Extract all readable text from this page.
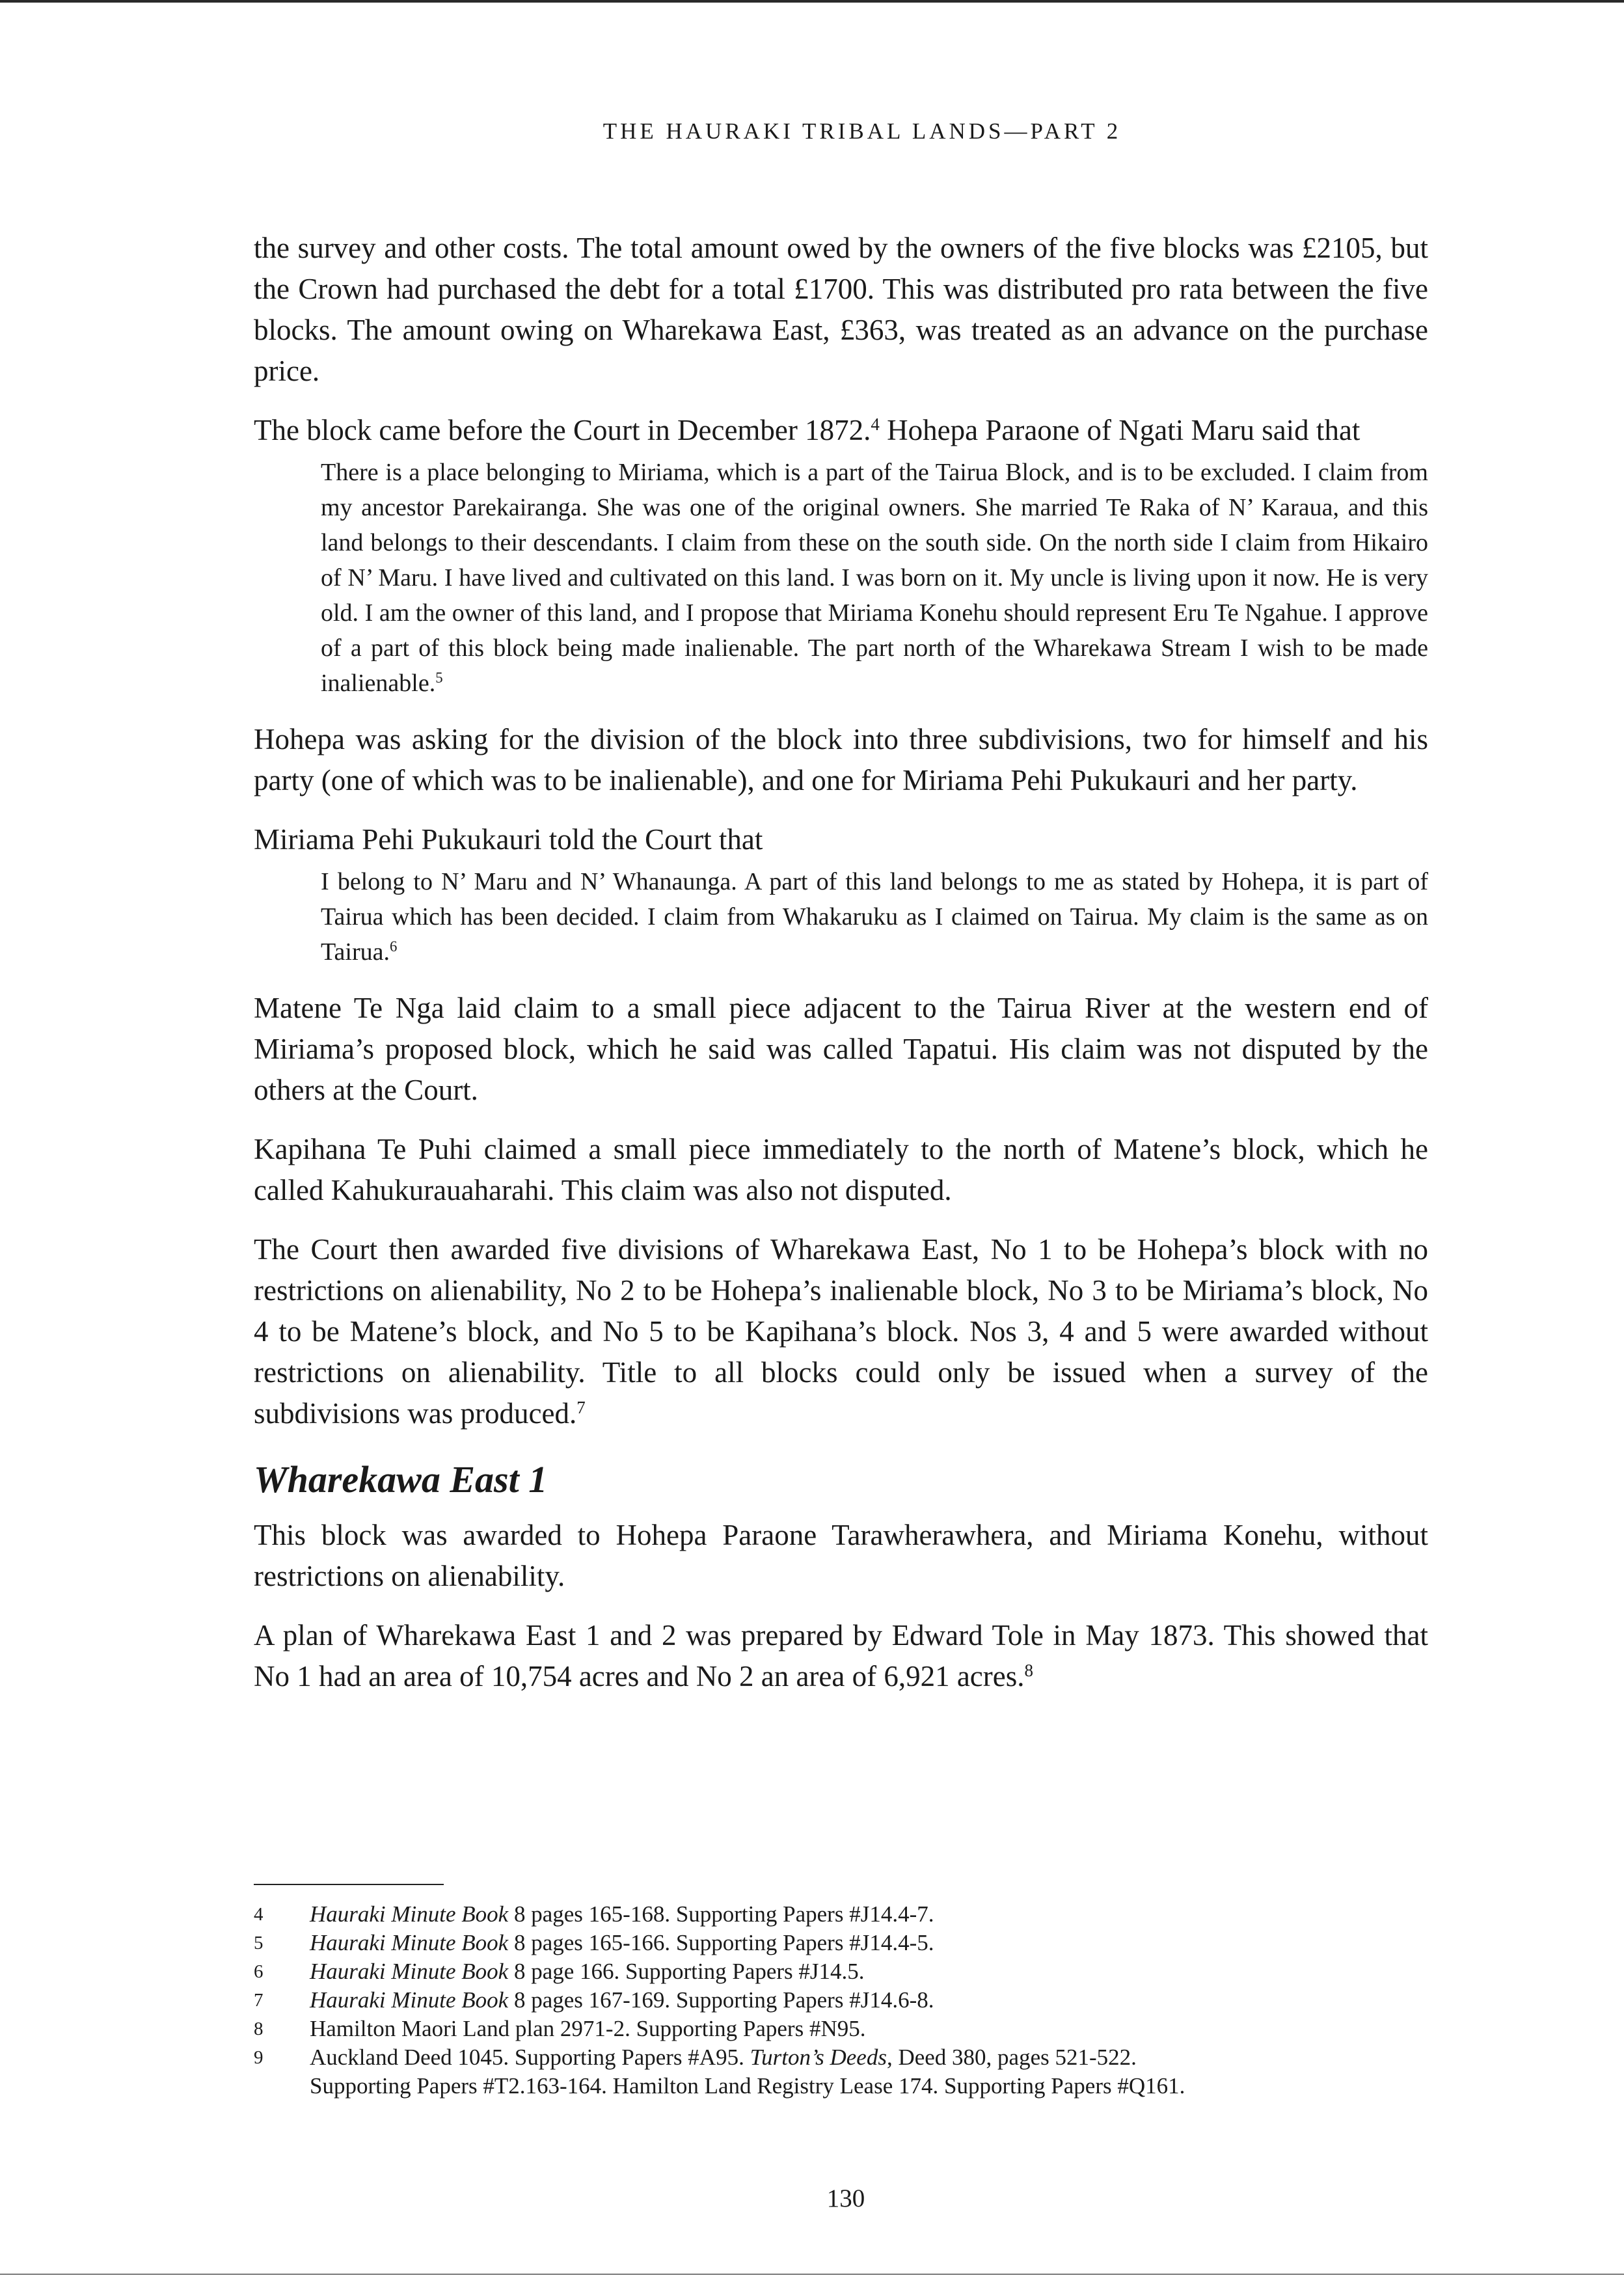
THE HAURAKI TRIBAL LANDS—PART 2

the survey and other costs. The total amount owed by the owners of the five blocks was £2105, but the Crown had purchased the debt for a total £1700. This was distributed pro rata between the five blocks. The amount owing on Wharekawa East, £363, was treated as an advance on the purchase price.

The block came before the Court in December 1872.$^4$ Hohepa Paraone of Ngati Maru said that

There is a place belonging to Miriama, which is a part of the Tairua Block, and is to be excluded. I claim from my ancestor Parekairanga. She was one of the original owners. She married Te Raka of N’ Karaua, and this land belongs to their descendants. I claim from these on the south side. On the north side I claim from Hikairo of N’ Maru. I have lived and cultivated on this land. I was born on it. My uncle is living upon it now. He is very old. I am the owner of this land, and I propose that Miriama Konehu should represent Eru Te Ngahue. I approve of a part of this block being made inalienable. The part north of the Wharekawa Stream I wish to be made inalienable.$^5$

Hohepa was asking for the division of the block into three subdivisions, two for himself and his party (one of which was to be inalienable), and one for Miriama Pehi Pukukauri and her party.

Miriama Pehi Pukukauri told the Court that

I belong to N’ Maru and N’ Whanaunga. A part of this land belongs to me as stated by Hohepa, it is part of Tairua which has been decided. I claim from Whakaruku as I claimed on Tairua. My claim is the same as on Tairua.$^6$

Matene Te Nga laid claim to a small piece adjacent to the Tairua River at the western end of Miriama’s proposed block, which he said was called Tapatui. His claim was not disputed by the others at the Court.

Kapihana Te Puhi claimed a small piece immediately to the north of Matene’s block, which he called Kahukurauaharahi. This claim was also not disputed.

The Court then awarded five divisions of Wharekawa East, No 1 to be Hohepa’s block with no restrictions on alienability, No 2 to be Hohepa’s inalienable block, No 3 to be Miriama’s block, No 4 to be Matene’s block, and No 5 to be Kapihana’s block. Nos 3, 4 and 5 were awarded without restrictions on alienability. Title to all blocks could only be issued when a survey of the subdivisions was produced.$^7$

Wharekawa East 1

This block was awarded to Hohepa Paraone Tarawherawhera, and Miriama Konehu, without restrictions on alienability.

A plan of Wharekawa East 1 and 2 was prepared by Edward Tole in May 1873. This showed that No 1 had an area of 10,754 acres and No 2 an area of 6,921 acres.$^8$

4	Hauraki Minute Book 8 pages 165-168. Supporting Papers #J14.4-7.
5	Hauraki Minute Book 8 pages 165-166. Supporting Papers #J14.4-5.
6	Hauraki Minute Book 8 page 166. Supporting Papers #J14.5.
7	Hauraki Minute Book 8 pages 167-169. Supporting Papers #J14.6-8.
8	Hamilton Maori Land plan 2971-2. Supporting Papers #N95.
9	Auckland Deed 1045. Supporting Papers #A95. Turton’s Deeds, Deed 380, pages 521-522.
Supporting Papers #T2.163-164. Hamilton Land Registry Lease 174. Supporting Papers #Q161.
130
